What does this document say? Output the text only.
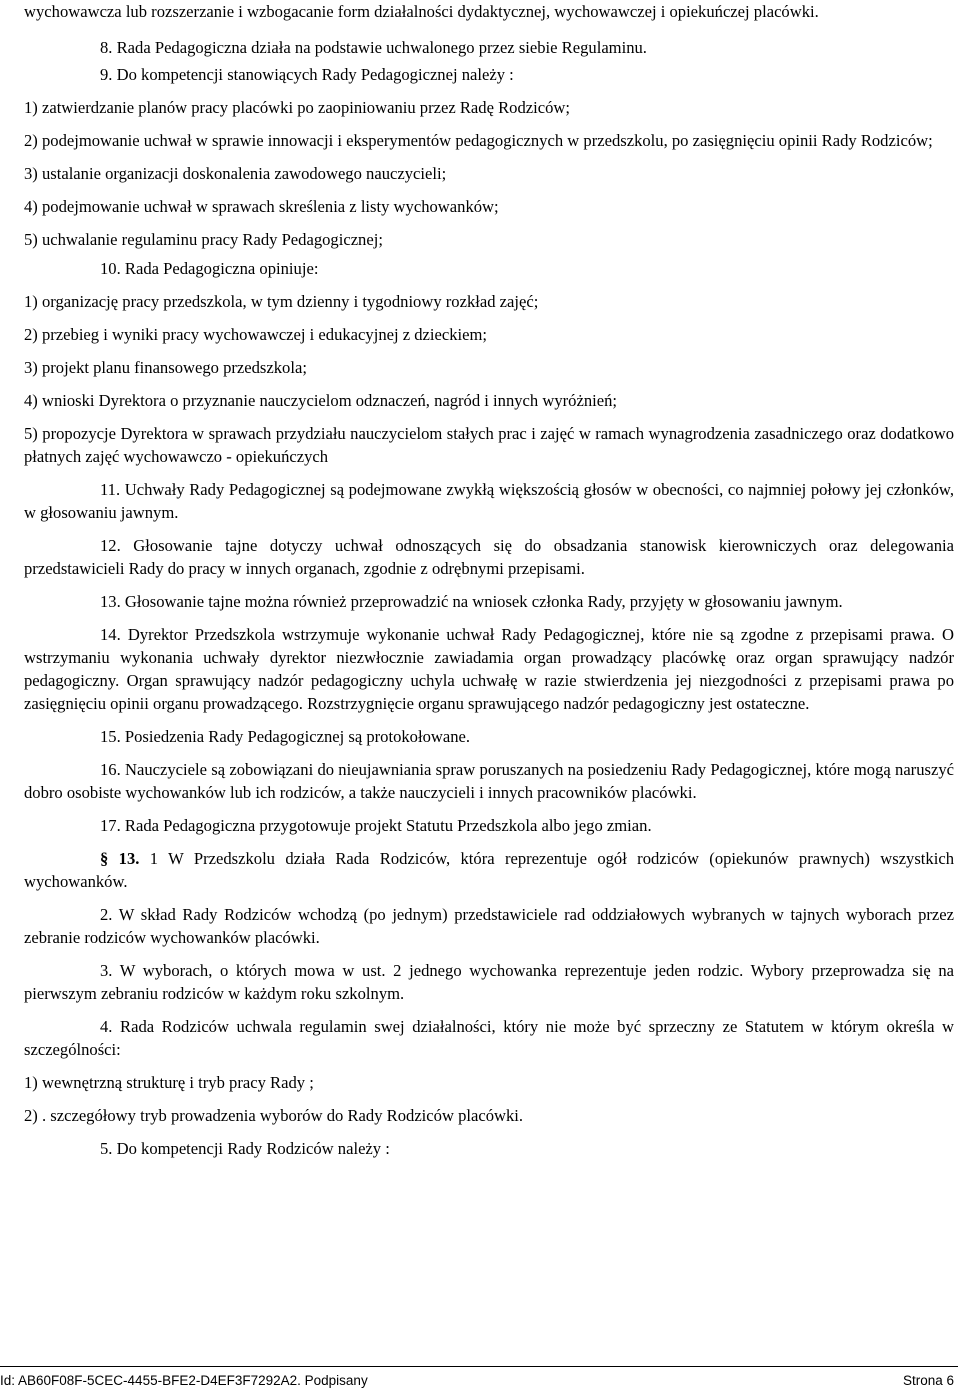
wychowawcza lub rozszerzanie i wzbogacanie form działalności dydaktycznej, wychowawczej i opiekuńczej placówki.

8. Rada Pedagogiczna działa na podstawie uchwalonego przez siebie Regulaminu.

9. Do kompetencji stanowiących Rady Pedagogicznej należy :

1) zatwierdzanie planów pracy placówki po zaopiniowaniu przez Radę Rodziców;

2) podejmowanie uchwał w sprawie innowacji i eksperymentów pedagogicznych w przedszkolu, po zasięgnięciu opinii Rady Rodziców;

3) ustalanie organizacji doskonalenia zawodowego nauczycieli;

4) podejmowanie uchwał w sprawach skreślenia z listy wychowanków;

5) uchwalanie regulaminu pracy Rady Pedagogicznej;

10. Rada Pedagogiczna opiniuje:

1) organizację pracy przedszkola, w tym dzienny i tygodniowy rozkład zajęć;

2) przebieg i wyniki pracy wychowawczej i edukacyjnej z dzieckiem;

3) projekt planu finansowego przedszkola;

4) wnioski Dyrektora o przyznanie nauczycielom odznaczeń, nagród i innych wyróżnień;

5) propozycje Dyrektora w sprawach przydziału nauczycielom stałych prac i zajęć w ramach wynagrodzenia zasadniczego oraz dodatkowo płatnych zajęć wychowawczo - opiekuńczych

11. Uchwały Rady Pedagogicznej są podejmowane zwykłą większością głosów w obecności, co najmniej połowy jej członków, w głosowaniu jawnym.

12. Głosowanie tajne dotyczy uchwał odnoszących się do obsadzania stanowisk kierowniczych oraz delegowania przedstawicieli Rady do pracy w innych organach, zgodnie z odrębnymi przepisami.

13. Głosowanie tajne można również przeprowadzić na wniosek członka Rady, przyjęty w głosowaniu jawnym.

14. Dyrektor Przedszkola wstrzymuje wykonanie uchwał Rady Pedagogicznej, które nie są zgodne z przepisami prawa. O wstrzymaniu wykonania uchwały dyrektor niezwłocznie zawiadamia organ prowadzący placówkę oraz organ sprawujący nadzór pedagogiczny. Organ sprawujący nadzór pedagogiczny uchyla uchwałę w razie stwierdzenia jej niezgodności z przepisami prawa po zasięgnięciu opinii organu prowadzącego. Rozstrzygnięcie organu sprawującego nadzór pedagogiczny jest ostateczne.

15. Posiedzenia Rady Pedagogicznej są protokołowane.

16. Nauczyciele są zobowiązani do nieujawniania spraw poruszanych na posiedzeniu Rady Pedagogicznej, które mogą naruszyć dobro osobiste wychowanków lub ich rodziców, a także nauczycieli i innych pracowników placówki.

17. Rada Pedagogiczna przygotowuje projekt Statutu Przedszkola albo jego zmian.

§ 13. 1 W Przedszkolu działa Rada Rodziców, która reprezentuje ogół rodziców (opiekunów prawnych) wszystkich wychowanków.

2. W skład Rady Rodziców wchodzą (po jednym) przedstawiciele rad oddziałowych wybranych w tajnych wyborach przez zebranie rodziców wychowanków placówki.

3. W wyborach, o których mowa w ust. 2 jednego wychowanka reprezentuje jeden rodzic. Wybory przeprowadza się na pierwszym zebraniu rodziców w każdym roku szkolnym.

4. Rada Rodziców uchwala regulamin swej działalności, który nie może być sprzeczny ze Statutem w którym określa w szczególności:

1) wewnętrzną strukturę i tryb pracy Rady ;

2) . szczegółowy tryb prowadzenia wyborów do Rady Rodziców placówki.

5. Do kompetencji Rady Rodziców należy :

Id: AB60F08F-5CEC-4455-BFE2-D4EF3F7292A2. Podpisany	Strona 6
